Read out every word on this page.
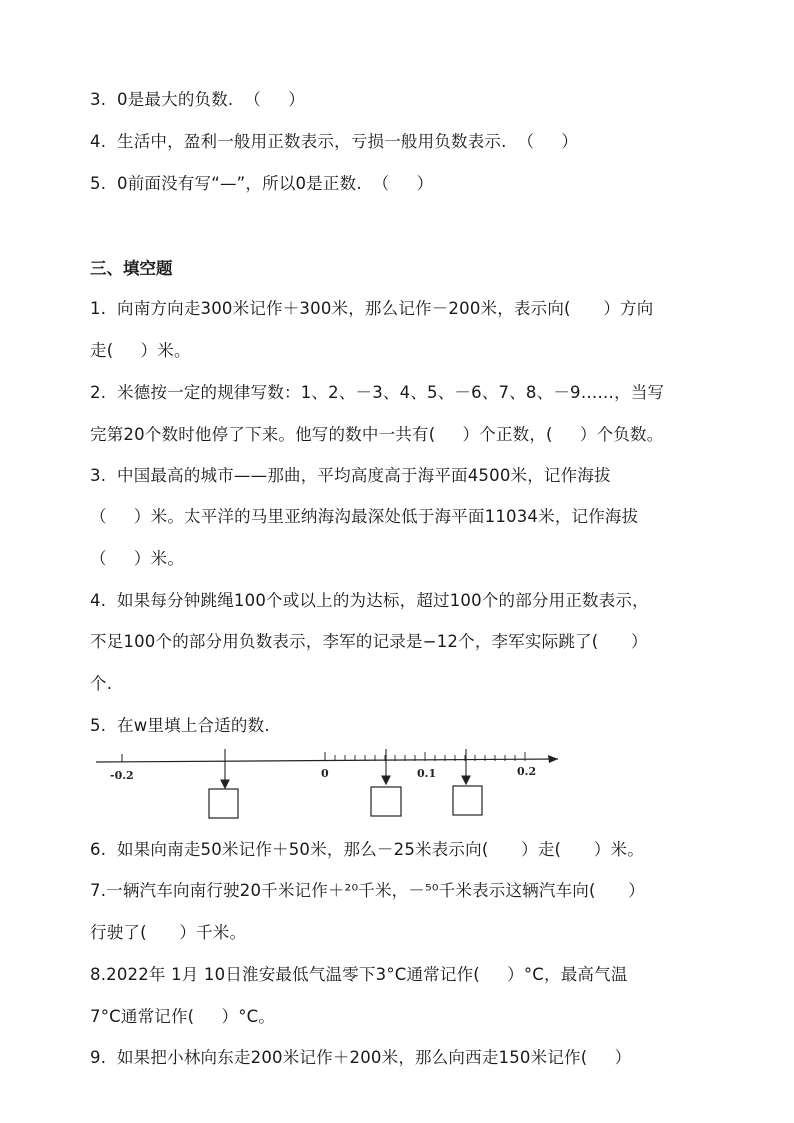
3.  0是最大的负数.  （     ）
4.  生活中，盈利一般用正数表示，亏损一般用负数表示.  （     ）
5.  0前面没有写“—”，所以0是正数.  （     ）
三、填空题
1.  向南方向走300米记作＋300米，那么记作－200米，表示向(      ）方向
走(     ）米。
2.  米德按一定的规律写数：1、2、－3、4、5、－6、7、8、－9……，当写
完第20个数时他停了下来。他写的数中一共有(     ）个正数，(     ）个负数。
3.  中国最高的城市——那曲，平均高度高于海平面4500米，记作海拔
（     ）米。太平洋的马里亚纳海沟最深处低于海平面11034米，记作海拔
（     ）米。
4.  如果每分钟跳绳100个或以上的为达标，超过100个的部分用正数表示，
不足100个的部分用负数表示，李军的记录是−12个，李军实际跳了(      ）
个.
5.  在w里填上合适的数.
-0.2	0	0.1	0.2
6.  如果向南走50米记作＋50米，那么－25米表示向(      ）走(      ）米。
7.一辆汽车向南行驶20千米记作＋²⁰千米，－⁵⁰千米表示这辆汽车向(      ）
行驶了(      ）千米。
8.2022年 1月 10日淮安最低气温零下3°C通常记作(     ）°C，最高气温
7°C通常记作(     ）°C。
9.  如果把小林向东走200米记作＋200米，那么向西走150米记作(     ）
